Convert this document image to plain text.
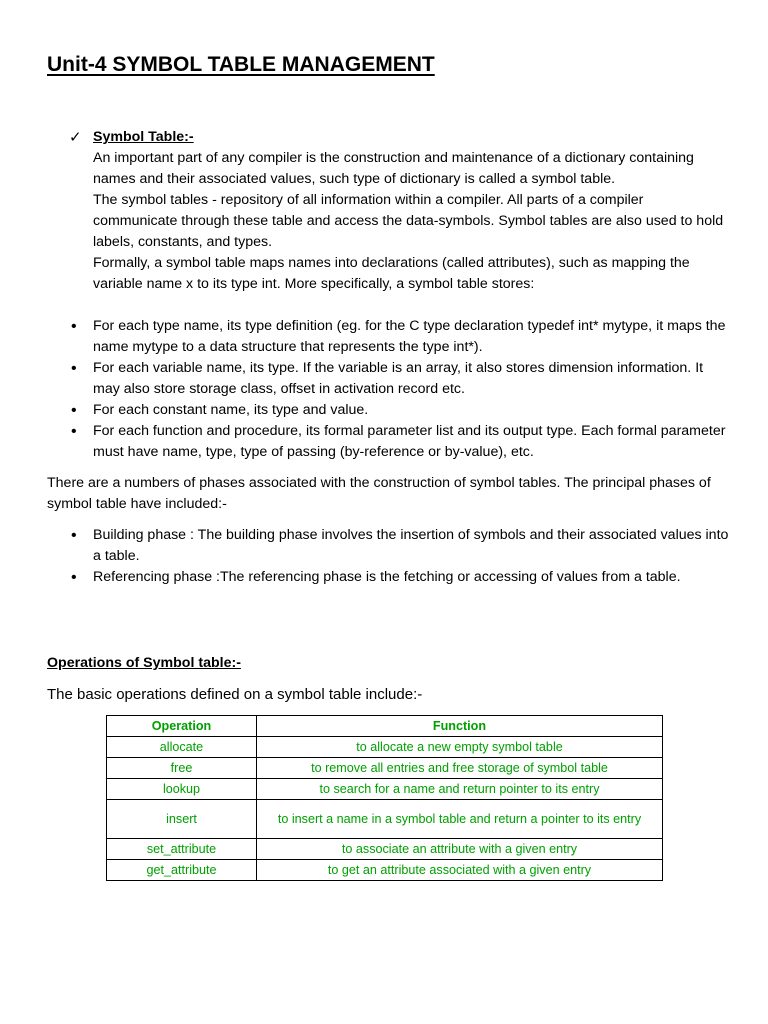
Unit-4 SYMBOL TABLE MANAGEMENT
✓ Symbol Table:-

An important part of any compiler is the construction and maintenance of a dictionary containing names and their associated values, such type of dictionary is called a symbol table.

The symbol tables - repository of all information within a compiler. All parts of a compiler communicate through these table and access the data-symbols. Symbol tables are also used to hold labels, constants, and types.

Formally, a symbol table maps names into declarations (called attributes), such as mapping the variable name x to its type int. More specifically, a symbol table stores:

• For each type name, its type definition (eg. for the C type declaration typedef int* mytype, it maps the name mytype to a data structure that represents the type int*).
• For each variable name, its type. If the variable is an array, it also stores dimension information. It may also store storage class, offset in activation record etc.
• For each constant name, its type and value.
• For each function and procedure, its formal parameter list and its output type. Each formal parameter must have name, type, type of passing (by-reference or by-value), etc.
There are a numbers of phases associated with the construction of symbol tables. The principal phases of symbol table have included:-
• Building phase : The building phase involves the insertion of symbols and their associated values into a table.
• Referencing phase :The referencing phase is the fetching or accessing of values from a table.
Operations of Symbol table:-
The basic operations defined on a symbol table include:-
Operation	Function
allocate	to allocate a new empty symbol table
free	to remove all entries and free storage of symbol table
lookup	to search for a name and return pointer to its entry
insert	to insert a name in a symbol table and return a pointer to its entry
set_attribute	to associate an attribute with a given entry
get_attribute	to get an attribute associated with a given entry
